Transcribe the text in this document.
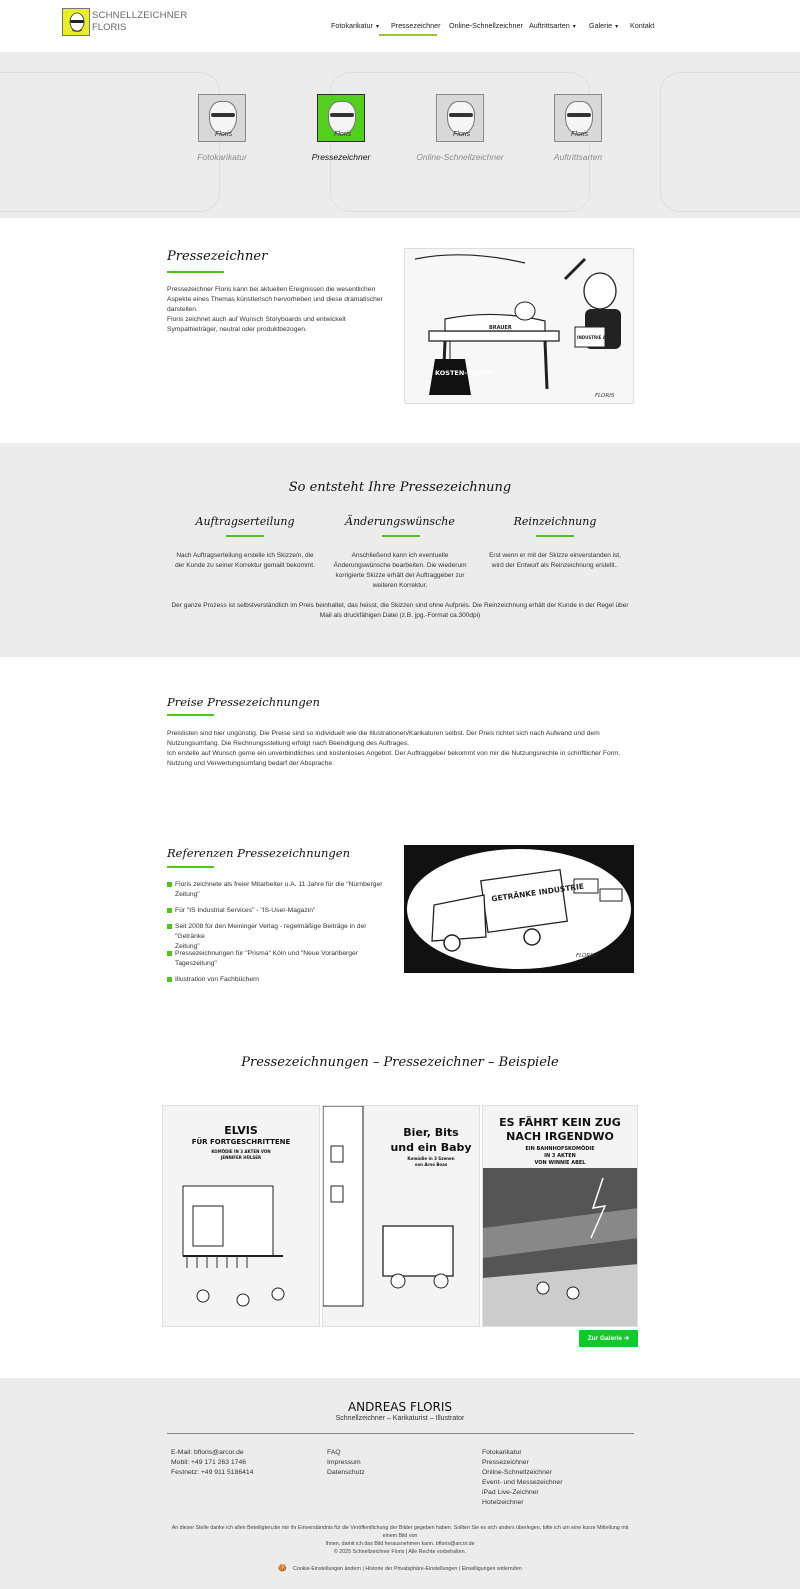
SCHNELLZEICHNER
FLORIS	Fotokarikatur ▾ Pressezeichner Online-Schnellzeichner Auftrittsarten ▾ Galerie ▾ Kontakt
Floris
Fotokarikatur
Floris
Pressezeichner
Floris
Online-Schnellzeichner
Floris
Auftrittsarten
Pressezeichner
Pressezeichner Floris kann bei aktuellen Ereignissen die wesentlichen
Aspekte eines Themas künstlerisch hervorheben und diese dramatischer
darstellen.
Floris zeichnet auch auf Wunsch Storyboards und entwickelt
Sympathieträger, neutral oder produktbezogen.
KOSTEN-DRUCK
BRAUER
INDUSTRIE AMT
FLORIS
So entsteht Ihre Pressezeichnung
Auftragserteilung
Nach Auftragserteilung erstelle ich Skizze/n, die
der Kunde zu seiner Korrektur gemailt bekommt.
Änderungswünsche
Anschließend kann ich eventuelle
Änderungswünsche bearbeiten. Die wiederum
korrigierte Skizze erhält der Auftraggeber zur
weiteren Korrektur.
Reinzeichnung
Erst wenn er mit der Skizze einverstanden ist,
wird der Entwurf als Reinzeichnung erstellt..
Der ganze Prozess ist selbstverständlich im Preis beinhaltet, das heisst, die Skizzen sind ohne Aufpreis. Die Reinzeichnung erhält der Kunde in der Regel über
Mail als druckfähigen Datei (z.B. jpg.-Format ca.300dpi)
Preise Pressezeichnungen
Preislisten sind hier ungünstig. Die Preise sind so individuell wie die Illustrationen/Karikaturen selbst. Der Preis richtet sich nach Aufwand und dem
Nutzungsumfang. Die Rechnungsstellung erfolgt nach Beendigung des Auftrages.
Ich erstelle auf Wunsch gerne ein unverbindliches und kostenloses Angebot. Der Auftraggeber bekommt von mir die Nutzungsrechte in schriftlicher Form.
Nutzung und Verwertungsumfang bedarf der Absprache.
Referenzen Pressezeichnungen
Floris zeichnete als freier Mitarbeiter u.A. 11 Jahre für die "Nürnberger
Zeitung"
Für "IS Industrial Services" - "IS-User-Magazin"
Seit 2008 für den Meininger Verlag - regelmäßige Beiträge in der "Getränke
Zeitung"
Pressezeichnungen für "Prisma" Köln und "Neue Vorarlberger
Tageszeitung"
Illustration von Fachbüchern
GETRÄNKE INDUSTRIE
FLORIS
Pressezeichnungen – Pressezeichner – Beispiele
ELVIS
FÜR FORTGESCHRITTENE
KOMÖDIE IN 3 AKTEN VON
JENNIFER HÜLSER
Bier, Bits
und ein Baby
Komödie in 3 Szenen
von Arno Boas
ES FÄHRT KEIN ZUG
NACH IRGENDWO
EIN BAHNHOFSKOMÖDIE
IN 3 AKTEN
VON WINNIE ABEL
Zur Galerie ➔
ANDREAS FLORIS
Schnellzeichner – Karikaturist – Illustrator
E-Mail: bfloris@arcor.de
Mobil: +49 171 263 1746
Festnetz: +49 911 5186414
FAQ
Impressum
Datenschutz
Fotokarikatur
Pressezeichner
Online-Schnellzeichner
Event- und Messezeichner
iPad Live-Zeichner
Hotelzeichner
An dieser Stelle danke ich allen Beteiligten,die mir ihr Einverständnis für die Veröffentlichung der Bilder gegeben haben. Sollten Sie es sich anders überlegen, bitte ich um eine kurze Mitteilung mit einem Bild von
Ihnen, damit ich das Bild herausnehmen kann. bfloris@arcor.de
© 2025 Schnellzeichner Floris | Alle Rechte vorbehalten.
🍪 Cookie-Einstellungen ändern | Historie der Privatsphäre-Einstellungen | Einwilligungen widerrufen
